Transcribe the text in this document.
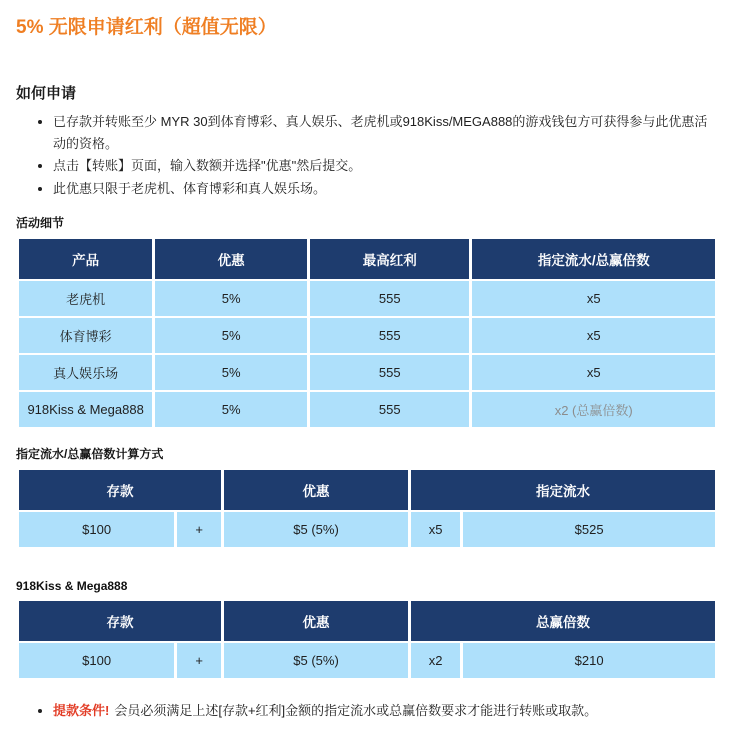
5% 无限申请红利（超值无限）
如何申请
• 已存款并转账至少 MYR 30到体育博彩、真人娱乐、老虎机或918Kiss/MEGA888的游戏钱包方可获得参与此优惠活动的资格。
• 点击【转账】页面，输入数额并选择"优惠"然后提交。
• 此优惠只限于老虎机、体育博彩和真人娱乐场。
活动细节
产品	优惠	最高红利	指定流水/总赢倍数
老虎机	5%	555	x5
体育博彩	5%	555	x5
真人娱乐场	5%	555	x5
918Kiss & Mega888	5%	555	x2 (总赢倍数)
指定流水/总赢倍数计算方式
存款		优惠	指定流水	
$100	+	$5 (5%)	x5	$525
918Kiss & Mega888
存款		优惠	总赢倍数	
$100	+	$5 (5%)	x2	$210
• 提款条件! 会员必须满足上述[存款+红利]金额的指定流水或总赢倍数要求才能进行转账或取款。
